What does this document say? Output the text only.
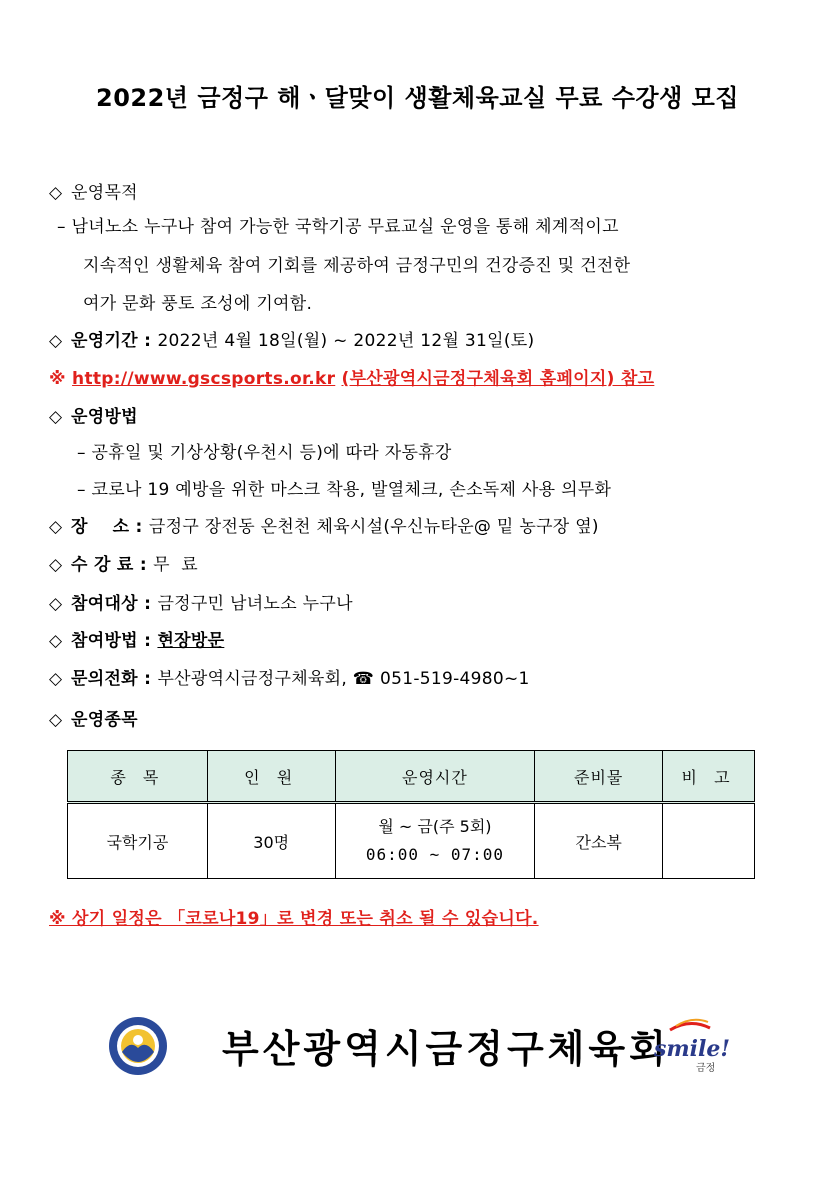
2022년 금정구 해ㆍ달맞이 생활체육교실 무료 수강생 모집
◇ 운영목적
– 남녀노소 누구나 참여 가능한 국학기공 무료교실 운영을 통해 체계적이고
지속적인 생활체육 참여 기회를 제공하여 금정구민의 건강증진 및 건전한
여가 문화 풍토 조성에 기여함.
◇ 운영기간 : 2022년 4월 18일(월) ~ 2022년 12월 31일(토)
※ http://www.gscsports.or.kr (부산광역시금정구체육회 홈페이지) 참고
◇ 운영방법
– 공휴일 및 기상상황(우천시 등)에 따라 자동휴강
– 코로나 19 예방을 위한 마스크 착용, 발열체크, 손소독제 사용 의무화
◇ 장    소 : 금정구 장전동 온천천 체육시설(우신뉴타운@ 밑 농구장 옆)
◇ 수 강 료 : 무  료
◇ 참여대상 : 금정구민 남녀노소 누구나
◇ 참여방법 : 현장방문
◇ 문의전화 : 부산광역시금정구체육회, ☎ 051-519-4980~1
◇ 운영종목
종 목	인 원	운영시간	준비물	비 고
국학기공	30명	월 ~ 금(주 5회)
06:00 ~ 07:00	간소복	
※ 상기 일정은 「코로나19」로 변경 또는 취소 될 수 있습니다.
부산광역시금정구체육회
smile!
금정
